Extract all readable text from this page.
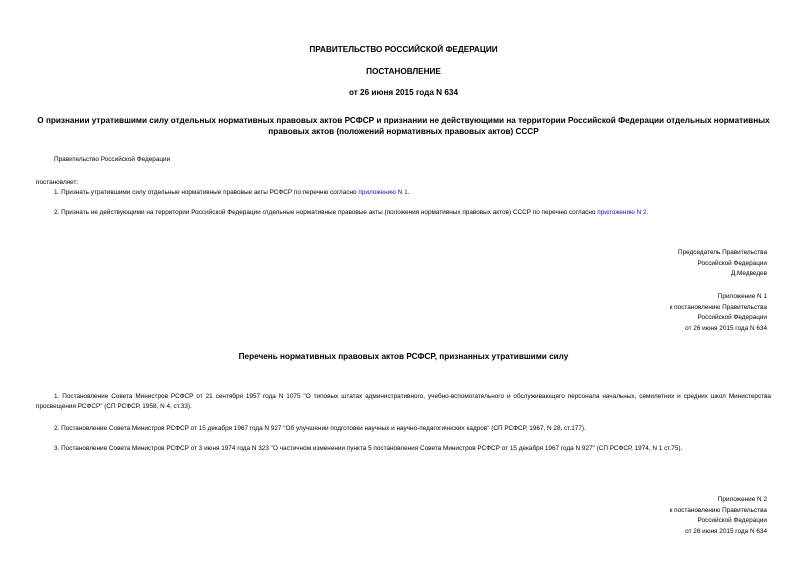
ПРАВИТЕЛЬСТВО РОССИЙСКОЙ ФЕДЕРАЦИИ

ПОСТАНОВЛЕНИЕ

от 26 июня 2015 года N 634

О признании утратившими силу отдельных нормативных правовых актов РСФСР и признании не действующими на территории Российской Федерации отдельных нормативных правовых актов (положений нормативных правовых актов) СССР

Правительство Российской Федерации

постановляет:

1. Признать утратившими силу отдельные нормативные правовые акты РСФСР по перечню согласно приложению N 1.

2. Признать не действующими на территории Российской Федерации отдельные нормативные правовые акты (положения нормативных правовых актов) СССР по перечню согласно приложению N 2.

Председатель Правительства
Российской Федерации
Д.Медведев
Приложение N 1
к постановлению Правительства
Российской Федерации
от 26 июня 2015 года N 634

Перечень нормативных правовых актов РСФСР, признанных утратившими силу

1. Постановление Совета Министров РСФСР от 21 сентября 1957 года N 1075 "О типовых штатах административного, учебно-вспомогательного и обслуживающего персонала начальных, семилетних и средних школ Министерства просвещения РСФСР" (СП РСФСР, 1958, N 4, ст.33).

2. Постановление Совета Министров РСФСР от 15 декабря 1967 года N 927 "Об улучшении подготовки научных и научно-педагогических кадров" (СП РСФСР, 1967, N 28, ст.177).

3. Постановление Совета Министров РСФСР от 3 июня 1974 года N 323 "О частичном изменении пункта 5 постановления Совета Министров РСФСР от 15 декабря 1967 года N 927" (СП РСФСР, 1974, N 1 ст.75).

Приложение N 2
к постановлению Правительства
Российской Федерации
от 26 июня 2015 года N 634
